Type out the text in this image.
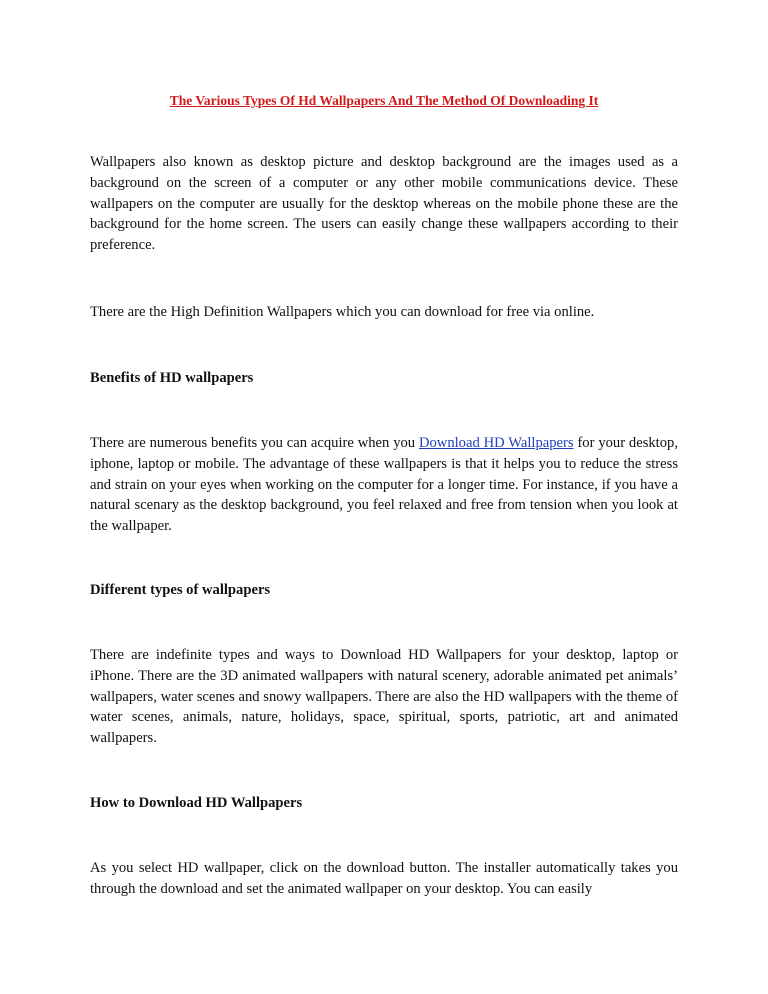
The Various Types Of Hd Wallpapers And The Method Of Downloading It

Wallpapers also known as desktop picture and desktop background are the images used as a background on the screen of a computer or any other mobile communications device. These wallpapers on the computer are usually for the desktop whereas on the mobile phone these are the background for the home screen. The users can easily change these wallpapers according to their preference.

There are the High Definition Wallpapers which you can download for free via online.

Benefits of HD wallpapers

There are numerous benefits you can acquire when you Download HD Wallpapers for your desktop, iphone, laptop or mobile. The advantage of these wallpapers is that it helps you to reduce the stress and strain on your eyes when working on the computer for a longer time. For instance, if you have a natural scenary as the desktop background, you feel relaxed and free from tension when you look at the wallpaper.

Different types of wallpapers

There are indefinite types and ways to Download HD Wallpapers for your desktop, laptop or iPhone. There are the 3D animated wallpapers with natural scenery, adorable animated pet animals’ wallpapers, water scenes and snowy wallpapers. There are also the HD wallpapers with the theme of water scenes, animals, nature, holidays, space, spiritual, sports, patriotic, art and animated wallpapers.

How to Download HD Wallpapers

As you select HD wallpaper, click on the download button. The installer automatically takes you through the download and set the animated wallpaper on your desktop. You can easily
